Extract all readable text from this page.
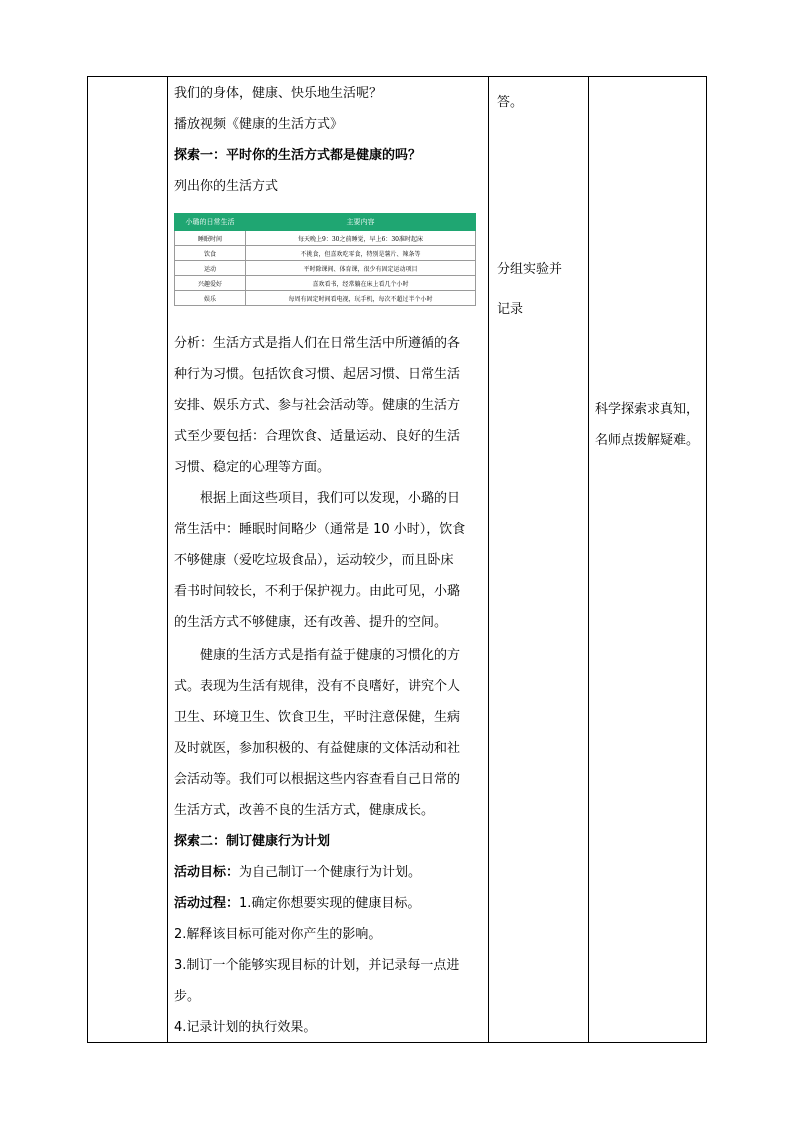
我们的身体，健康、快乐地生活呢？
播放视频《健康的生活方式》
探索一：平时你的生活方式都是健康的吗？
列出你的生活方式
分析：生活方式是指人们在日常生活中所遵循的各
种行为习惯。包括饮食习惯、起居习惯、日常生活
安排、娱乐方式、参与社会活动等。健康的生活方
式至少要包括：合理饮食、适量运动、良好的生活
习惯、稳定的心理等方面。
根据上面这些项目，我们可以发现，小璐的日
常生活中：睡眠时间略少（通常是 10 小时），饮食
不够健康（爱吃垃圾食品），运动较少，而且卧床
看书时间较长，不利于保护视力。由此可见，小璐
的生活方式不够健康，还有改善、提升的空间。
健康的生活方式是指有益于健康的习惯化的方
式。表现为生活有规律，没有不良嗜好，讲究个人
卫生、环境卫生、饮食卫生，平时注意保健，生病
及时就医，参加积极的、有益健康的文体活动和社
会活动等。我们可以根据这些内容查看自己日常的
生活方式，改善不良的生活方式，健康成长。
探索二：制订健康行为计划
活动目标：为自己制订一个健康行为计划。
活动过程：1.确定你想要实现的健康目标。
2.解释该目标可能对你产生的影响。
3.制订一个能够实现目标的计划，并记录每一点进
步。
4.记录计划的执行效果。
小璐的日常生活	主要内容
睡眠时间	每天晚上9：30之前睡觉，早上6：30准时起床
饮食	不挑食，但喜欢吃零食，特别是薯片、辣条等
运动	平时除课间、体育课，很少有固定运动项目
兴趣爱好	喜欢看书，经常躺在床上看几个小时
娱乐	每周有固定时间看电视，玩手机，每次不超过半个小时
答。
分组实验并
记录
科学探索求真知，
名师点拨解疑难。
